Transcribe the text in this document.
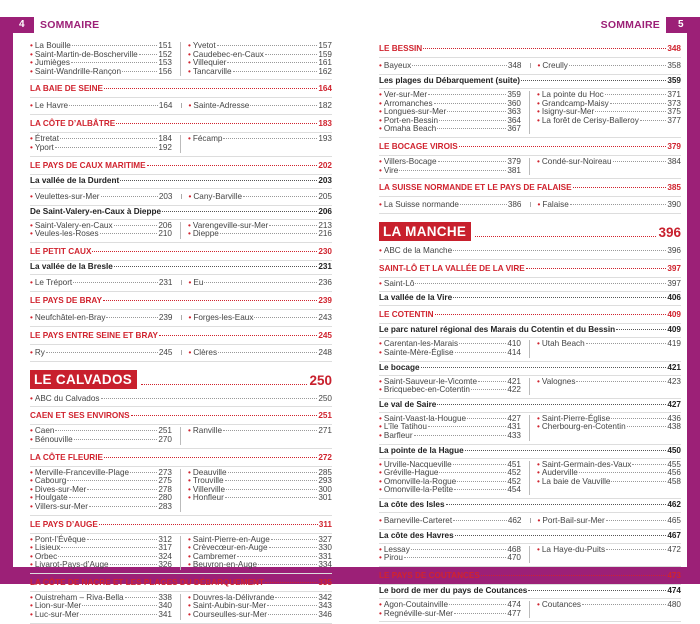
4	SOMMAIRE	SOMMAIRE	5
• La Bouille	151
• Saint-Martin-de-Boscherville	152
• Jumièges	153
• Saint-Wandrille-Rançon	156
• Yvetot	157
• Caudebec-en-Caux	159
• Villequier	161
• Tancarville	162
LA BAIE DE SEINE	164
• Le Havre	164 • Sainte-Adresse	182
LA CÔTE D’ALBÂTRE	183
• Étretat	184
• Yport	192
• Fécamp	193
LE PAYS DE CAUX MARITIME	202
La vallée de la Durdent	203
• Veulettes-sur-Mer	203 • Cany-Barville	205
De Saint-Valery-en-Caux à Dieppe	206
• Saint-Valery-en-Caux	206
• Veules-les-Roses	210
• Varengeville-sur-Mer	213
• Dieppe	216
LE PETIT CAUX	230
La vallée de la Bresle	231
• Le Tréport	231 • Eu	236
LE PAYS DE BRAY	239
• Neufchâtel-en-Bray	239 • Forges-les-Eaux	243
LE PAYS ENTRE SEINE ET BRAY	245
• Ry	245 • Clères	248
LE CALVADOS	250
• ABC du Calvados	250
CAEN ET SES ENVIRONS	251
• Caen	251
• Bénouville	270
• Ranville	271
LA CÔTE FLEURIE	272
• Merville-Franceville-Plage	273
• Cabourg	275
• Dives-sur-Mer	278
• Houlgate	280
• Villers-sur-Mer	283
• Deauville	285
• Trouville	293
• Villerville	300
• Honfleur	301
LE PAYS D’AUGE	311
• Pont-l’Évêque	312
• Lisieux	317
• Orbec	324
• Livarot-Pays-d’Auge	326
• Saint-Pierre-en-Auge	327
• Crèvecœur-en-Auge	330
• Cambremer	331
• Beuvron-en-Auge	334
LA CÔTE DE NACRE ET LES PLAGES DU DÉBARQUEMENT	335
• Ouistreham – Riva-Bella	338
• Lion-sur-Mer	340
• Luc-sur-Mer	341
• Douvres-la-Délivrande	342
• Saint-Aubin-sur-Mer	343
• Courseulles-sur-Mer	346
LE BESSIN	348
• Bayeux	348 • Creully	358
Les plages du Débarquement (suite)	359
• Ver-sur-Mer	359
• Arromanches	360
• Longues-sur-Mer	363
• Port-en-Bessin	364
• Omaha Beach	367
• La pointe du Hoc	371
• Grandcamp-Maisy	373
• Isigny-sur-Mer	375
• La forêt de Cerisy-Balleroy	377
LE BOCAGE VIROIS	379
• Villers-Bocage	379
• Vire	381
• Condé-sur-Noireau	384
LA SUISSE NORMANDE ET LE PAYS DE FALAISE	385
• La Suisse normande	386 • Falaise	390
LA MANCHE	396
• ABC de la Manche	396
SAINT-LÔ ET LA VALLÉE DE LA VIRE	397
• Saint-Lô	397
La vallée de la Vire	406
LE COTENTIN	409
Le parc naturel régional des Marais du Cotentin et du Bessin	409
• Carentan-les-Marais	410
• Sainte-Mère-Église	414
• Utah Beach	419
Le bocage	421
• Saint-Sauveur-le-Vicomte	421
• Bricquebec-en-Cotentin	422
• Valognes	423
Le val de Saire	427
• Saint-Vaast-la-Hougue	427
• L’île Tatihou	431
• Barfleur	433
• Saint-Pierre-Église	436
• Cherbourg-en-Cotentin	438
La pointe de la Hague	450
• Urville-Nacqueville	451
• Gréville-Hague	452
• Omonville-la-Rogue	452
• Omonville-la-Petite	454
• Saint-Germain-des-Vaux	455
• Auderville	456
• La baie de Vauville	458
La côte des Isles	462
• Barneville-Carteret	462 • Port-Bail-sur-Mer	465
La côte des Havres	467
• Lessay	468
• Pirou	470
• La Haye-du-Puits	472
LE PAYS DE COUTANCES	473
Le bord de mer du pays de Coutances	474
• Agon-Coutainville	474
• Regnéville-sur-Mer	477
• Coutances	480
